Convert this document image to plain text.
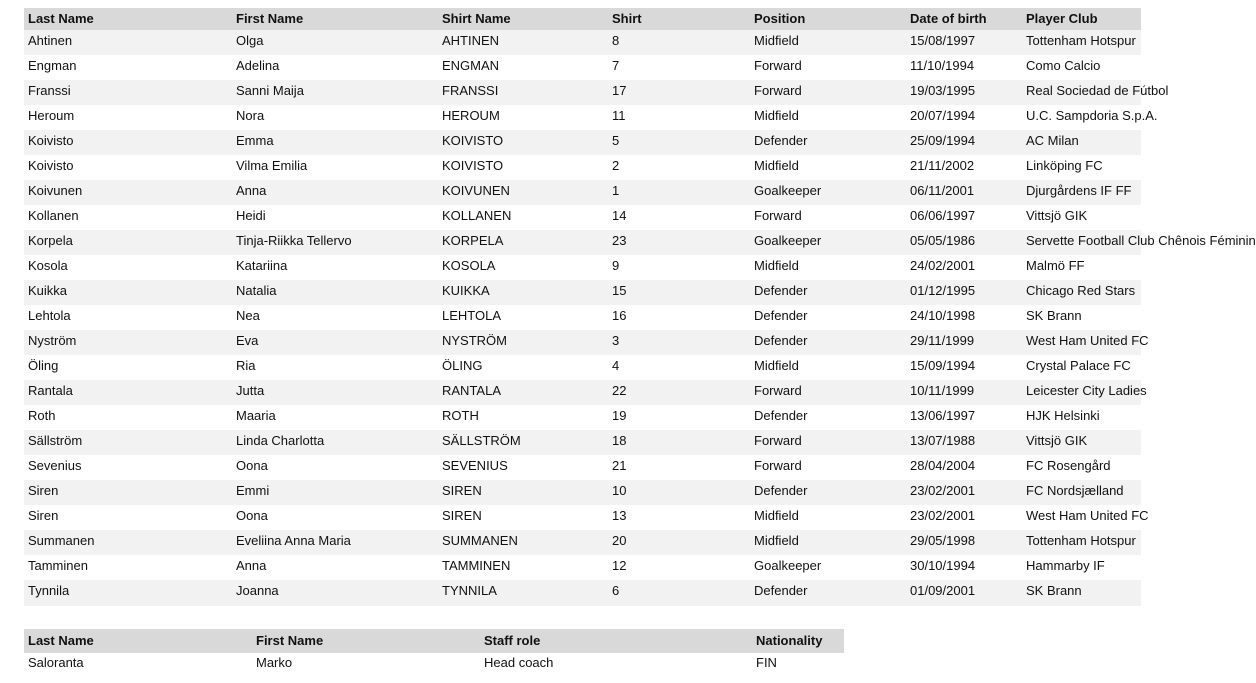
Last Name	First Name	Shirt Name	Shirt	Position	Date of birth	Player Club
Ahtinen	Olga	AHTINEN	8	Midfield	15/08/1997	Tottenham Hotspur
Engman	Adelina	ENGMAN	7	Forward	11/10/1994	Como Calcio
Franssi	Sanni Maija	FRANSSI	17	Forward	19/03/1995	Real Sociedad de Fútbol
Heroum	Nora	HEROUM	11	Midfield	20/07/1994	U.C. Sampdoria S.p.A.
Koivisto	Emma	KOIVISTO	5	Defender	25/09/1994	AC Milan
Koivisto	Vilma Emilia	KOIVISTO	2	Midfield	21/11/2002	Linköping FC
Koivunen	Anna	KOIVUNEN	1	Goalkeeper	06/11/2001	Djurgårdens IF FF
Kollanen	Heidi	KOLLANEN	14	Forward	06/06/1997	Vittsjö GIK
Korpela	Tinja-Riikka Tellervo	KORPELA	23	Goalkeeper	05/05/1986	Servette Football Club Chênois Féminin
Kosola	Katariina	KOSOLA	9	Midfield	24/02/2001	Malmö FF
Kuikka	Natalia	KUIKKA	15	Defender	01/12/1995	Chicago Red Stars
Lehtola	Nea	LEHTOLA	16	Defender	24/10/1998	SK Brann
Nyström	Eva	NYSTRÖM	3	Defender	29/11/1999	West Ham United FC
Öling	Ria	ÖLING	4	Midfield	15/09/1994	Crystal Palace FC
Rantala	Jutta	RANTALA	22	Forward	10/11/1999	Leicester City Ladies
Roth	Maaria	ROTH	19	Defender	13/06/1997	HJK Helsinki
Sällström	Linda Charlotta	SÄLLSTRÖM	18	Forward	13/07/1988	Vittsjö GIK
Sevenius	Oona	SEVENIUS	21	Forward	28/04/2004	FC Rosengård
Siren	Emmi	SIREN	10	Defender	23/02/2001	FC Nordsjælland
Siren	Oona	SIREN	13	Midfield	23/02/2001	West Ham United FC
Summanen	Eveliina Anna Maria	SUMMANEN	20	Midfield	29/05/1998	Tottenham Hotspur
Tamminen	Anna	TAMMINEN	12	Goalkeeper	30/10/1994	Hammarby IF
Tynnila	Joanna	TYNNILA	6	Defender	01/09/2001	SK Brann
Last Name	First Name	Staff role	Nationality
Saloranta	Marko	Head coach	FIN
